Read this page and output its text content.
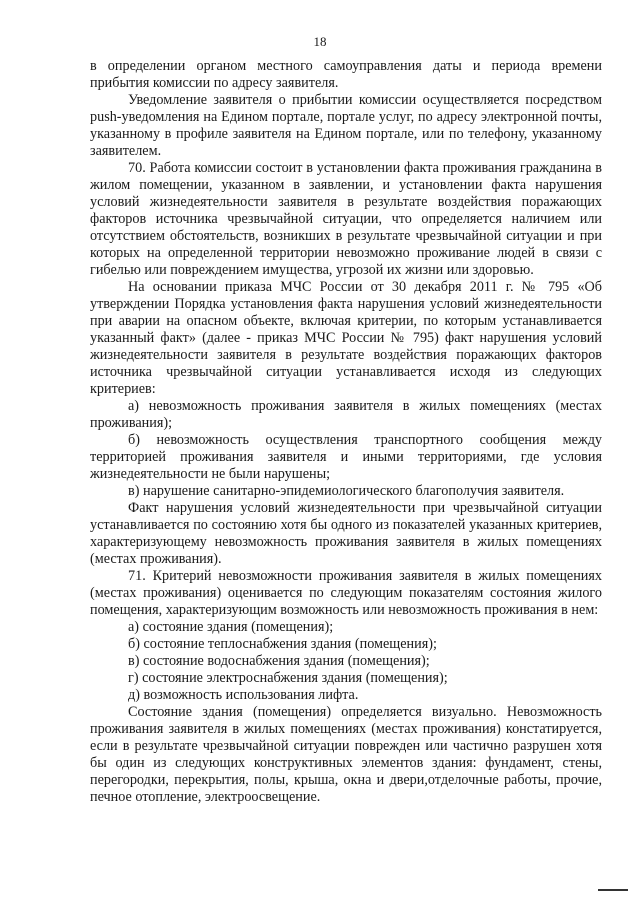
18

в определении органом местного самоуправления даты и периода времени прибытия комиссии по адресу заявителя.

Уведомление заявителя о прибытии комиссии осуществляется посредством push-уведомления на Едином портале, портале услуг, по адресу электронной почты, указанному в профиле заявителя на Едином портале, или по телефону, указанному заявителем.

70. Работа комиссии состоит в установлении факта проживания гражданина в жилом помещении, указанном в заявлении, и установлении факта нарушения условий жизнедеятельности заявителя в результате воздействия поражающих факторов источника чрезвычайной ситуации, что определяется наличием или отсутствием обстоятельств, возникших в результате чрезвычайной ситуации и при которых на определенной территории невозможно проживание людей в связи с гибелью или повреждением имущества, угрозой их жизни или здоровью.

На основании приказа МЧС России от 30 декабря 2011 г. № 795 «Об утверждении Порядка установления факта нарушения условий жизнедеятельности при аварии на опасном объекте, включая критерии, по которым устанавливается указанный факт» (далее - приказ МЧС России № 795) факт нарушения условий жизнедеятельности заявителя в результате воздействия поражающих факторов источника чрезвычайной ситуации устанавливается исходя из следующих критериев:

а) невозможность проживания заявителя в жилых помещениях (местах проживания);

б) невозможность осуществления транспортного сообщения между территорией проживания заявителя и иными территориями, где условия жизнедеятельности не были нарушены;

в) нарушение санитарно-эпидемиологического благополучия заявителя.

Факт нарушения условий жизнедеятельности при чрезвычайной ситуации устанавливается по состоянию хотя бы одного из показателей указанных критериев, характеризующему невозможность проживания заявителя в жилых помещениях (местах проживания).

71. Критерий невозможности проживания заявителя в жилых помещениях (местах проживания) оценивается по следующим показателям состояния жилого помещения, характеризующим возможность или невозможность проживания в нем:

а) состояние здания (помещения);

б) состояние теплоснабжения здания (помещения);

в) состояние водоснабжения здания (помещения);

г) состояние электроснабжения здания (помещения);

д) возможность использования лифта.

Состояние здания (помещения) определяется визуально. Невозможность проживания заявителя в жилых помещениях (местах проживания) констатируется, если в результате чрезвычайной ситуации поврежден или частично разрушен хотя бы один из следующих конструктивных элементов здания: фундамент, стены, перегородки, перекрытия, полы, крыша, окна и двери,отделочные работы, прочие, печное отопление, электроосвещение.
